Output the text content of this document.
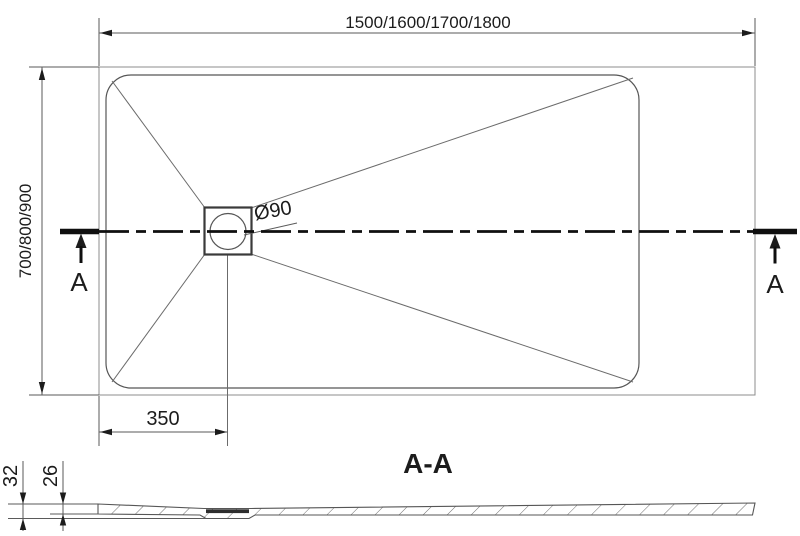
Ø90
A	A
1500/1600/1700/1800
700/800/900
350
A-A
32 26
